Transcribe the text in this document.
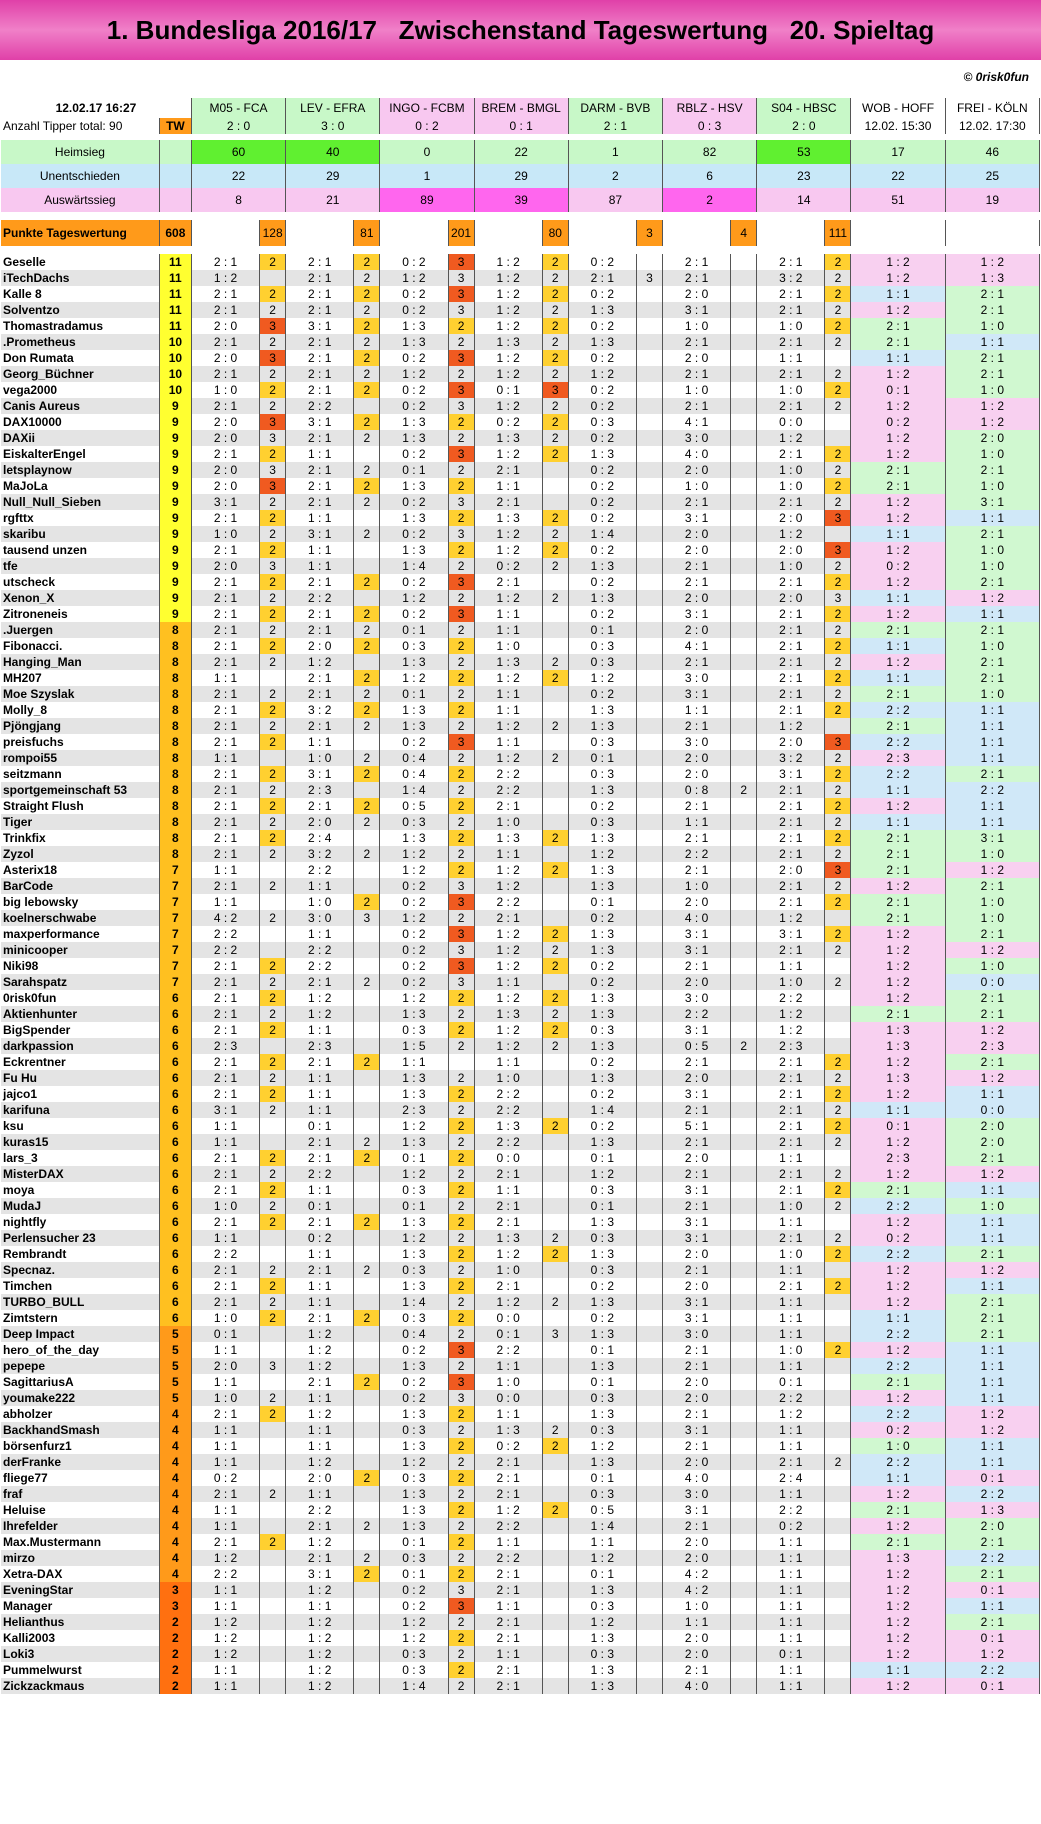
1. Bundesliga 2016/17   Zwischenstand Tageswertung   20. Spieltag
© 0risk0fun
12.02.17 16:27		M05 - FCA		LEV - EFRA		INGO - FCBM		BREM - BMGL		DARM - BVB		RBLZ - HSV		S04 - HBSC		WOB - HOFF	FREI - KÖLN
Anzahl Tipper total: 90	TW	2 : 0		3 : 0		0 : 2		0 : 1		2 : 1		0 : 3		2 : 0		12.02. 15:30	12.02. 17:30

Heimsieg		60		40		0		22		1		82		53		17	46
Unentschieden		22		29		1		29		2		6		23		22	25
Auswärtssieg		8		21		89		39		87		2		14		51	19

Punkte Tageswertung	608		128		81		201		80		3		4		111		

Geselle	11	2 : 1	2	2 : 1	2	0 : 2	3	1 : 2	2	0 : 2		2 : 1		2 : 1	2	1 : 2	1 : 2
iTechDachs	11	1 : 2		2 : 1	2	1 : 2	3	1 : 2	2	2 : 1	3	2 : 1		3 : 2	2	1 : 2	1 : 3
Kalle 8	11	2 : 1	2	2 : 1	2	0 : 2	3	1 : 2	2	0 : 2		2 : 0		2 : 1	2	1 : 1	2 : 1
Solventzo	11	2 : 1	2	2 : 1	2	0 : 2	3	1 : 2	2	1 : 3		3 : 1		2 : 1	2	1 : 2	2 : 1
Thomastradamus	11	2 : 0	3	3 : 1	2	1 : 3	2	1 : 2	2	0 : 2		1 : 0		1 : 0	2	2 : 1	1 : 0
.Prometheus	10	2 : 1	2	2 : 1	2	1 : 3	2	1 : 3	2	1 : 3		2 : 1		2 : 1	2	2 : 1	1 : 1
Don Rumata	10	2 : 0	3	2 : 1	2	0 : 2	3	1 : 2	2	0 : 2		2 : 0		1 : 1		1 : 1	2 : 1
Georg_Büchner	10	2 : 1	2	2 : 1	2	1 : 2	2	1 : 2	2	1 : 2		2 : 1		2 : 1	2	1 : 2	2 : 1
vega2000	10	1 : 0	2	2 : 1	2	0 : 2	3	0 : 1	3	0 : 2		1 : 0		1 : 0	2	0 : 1	1 : 0
Canis Aureus	9	2 : 1	2	2 : 2		0 : 2	3	1 : 2	2	0 : 2		2 : 1		2 : 1	2	1 : 2	1 : 2
DAX10000	9	2 : 0	3	3 : 1	2	1 : 3	2	0 : 2	2	0 : 3		4 : 1		0 : 0		0 : 2	1 : 2
DAXii	9	2 : 0	3	2 : 1	2	1 : 3	2	1 : 3	2	0 : 2		3 : 0		1 : 2		1 : 2	2 : 0
EiskalterEngel	9	2 : 1	2	1 : 1		0 : 2	3	1 : 2	2	1 : 3		4 : 0		2 : 1	2	1 : 2	1 : 0
letsplaynow	9	2 : 0	3	2 : 1	2	0 : 1	2	2 : 1		0 : 2		2 : 0		1 : 0	2	2 : 1	2 : 1
MaJoLa	9	2 : 0	3	2 : 1	2	1 : 3	2	1 : 1		0 : 2		1 : 0		1 : 0	2	2 : 1	1 : 0
Null_Null_Sieben	9	3 : 1	2	2 : 1	2	0 : 2	3	2 : 1		0 : 2		2 : 1		2 : 1	2	1 : 2	3 : 1
rgfttx	9	2 : 1	2	1 : 1		1 : 3	2	1 : 3	2	0 : 2		3 : 1		2 : 0	3	1 : 2	1 : 1
skaribu	9	1 : 0	2	3 : 1	2	0 : 2	3	1 : 2	2	1 : 4		2 : 0		1 : 2		1 : 1	2 : 1
tausend unzen	9	2 : 1	2	1 : 1		1 : 3	2	1 : 2	2	0 : 2		2 : 0		2 : 0	3	1 : 2	1 : 0
tfe	9	2 : 0	3	1 : 1		1 : 4	2	0 : 2	2	1 : 3		2 : 1		1 : 0	2	0 : 2	1 : 0
utscheck	9	2 : 1	2	2 : 1	2	0 : 2	3	2 : 1		0 : 2		2 : 1		2 : 1	2	1 : 2	2 : 1
Xenon_X	9	2 : 1	2	2 : 2		1 : 2	2	1 : 2	2	1 : 3		2 : 0		2 : 0	3	1 : 1	1 : 2
Zitroneneis	9	2 : 1	2	2 : 1	2	0 : 2	3	1 : 1		0 : 2		3 : 1		2 : 1	2	1 : 2	1 : 1
.Juergen	8	2 : 1	2	2 : 1	2	0 : 1	2	1 : 1		0 : 1		2 : 0		2 : 1	2	2 : 1	2 : 1
Fibonacci.	8	2 : 1	2	2 : 0	2	0 : 3	2	1 : 0		0 : 3		4 : 1		2 : 1	2	1 : 1	1 : 0
Hanging_Man	8	2 : 1	2	1 : 2		1 : 3	2	1 : 3	2	0 : 3		2 : 1		2 : 1	2	1 : 2	2 : 1
MH207	8	1 : 1		2 : 1	2	1 : 2	2	1 : 2	2	1 : 2		3 : 0		2 : 1	2	1 : 1	2 : 1
Moe Szyslak	8	2 : 1	2	2 : 1	2	0 : 1	2	1 : 1		0 : 2		3 : 1		2 : 1	2	2 : 1	1 : 0
Molly_8	8	2 : 1	2	3 : 2	2	1 : 3	2	1 : 1		1 : 3		1 : 1		2 : 1	2	2 : 2	1 : 1
Pjöngjang	8	2 : 1	2	2 : 1	2	1 : 3	2	1 : 2	2	1 : 3		2 : 1		1 : 2		2 : 1	1 : 1
preisfuchs	8	2 : 1	2	1 : 1		0 : 2	3	1 : 1		0 : 3		3 : 0		2 : 0	3	2 : 2	1 : 1
rompoi55	8	1 : 1		1 : 0	2	0 : 4	2	1 : 2	2	0 : 1		2 : 0		3 : 2	2	2 : 3	1 : 1
seitzmann	8	2 : 1	2	3 : 1	2	0 : 4	2	2 : 2		0 : 3		2 : 0		3 : 1	2	2 : 2	2 : 1
sportgemeinschaft 53	8	2 : 1	2	2 : 3		1 : 4	2	2 : 2		1 : 3		0 : 8	2	2 : 1	2	1 : 1	2 : 2
Straight Flush	8	2 : 1	2	2 : 1	2	0 : 5	2	2 : 1		0 : 2		2 : 1		2 : 1	2	1 : 2	1 : 1
Tiger	8	2 : 1	2	2 : 0	2	0 : 3	2	1 : 0		0 : 3		1 : 1		2 : 1	2	1 : 1	1 : 1
Trinkfix	8	2 : 1	2	2 : 4		1 : 3	2	1 : 3	2	1 : 3		2 : 1		2 : 1	2	2 : 1	3 : 1
Zyzol	8	2 : 1	2	3 : 2	2	1 : 2	2	1 : 1		1 : 2		2 : 2		2 : 1	2	2 : 1	1 : 0
Asterix18	7	1 : 1		2 : 2		1 : 2	2	1 : 2	2	1 : 3		2 : 1		2 : 0	3	2 : 1	1 : 2
BarCode	7	2 : 1	2	1 : 1		0 : 2	3	1 : 2		1 : 3		1 : 0		2 : 1	2	1 : 2	2 : 1
big lebowsky	7	1 : 1		1 : 0	2	0 : 2	3	2 : 2		0 : 1		2 : 0		2 : 1	2	2 : 1	1 : 0
koelnerschwabe	7	4 : 2	2	3 : 0	3	1 : 2	2	2 : 1		0 : 2		4 : 0		1 : 2		2 : 1	1 : 0
maxperformance	7	2 : 2		1 : 1		0 : 2	3	1 : 2	2	1 : 3		3 : 1		3 : 1	2	1 : 2	2 : 1
minicooper	7	2 : 2		2 : 2		0 : 2	3	1 : 2	2	1 : 3		3 : 1		2 : 1	2	1 : 2	1 : 2
Niki98	7	2 : 1	2	2 : 2		0 : 2	3	1 : 2	2	0 : 2		2 : 1		1 : 1		1 : 2	1 : 0
Sarahspatz	7	2 : 1	2	2 : 1	2	0 : 2	3	1 : 1		0 : 2		2 : 0		1 : 0	2	1 : 2	0 : 0
0risk0fun	6	2 : 1	2	1 : 2		1 : 2	2	1 : 2	2	1 : 3		3 : 0		2 : 2		1 : 2	2 : 1
Aktienhunter	6	2 : 1	2	1 : 2		1 : 3	2	1 : 3	2	1 : 3		2 : 2		1 : 2		2 : 1	2 : 1
BigSpender	6	2 : 1	2	1 : 1		0 : 3	2	1 : 2	2	0 : 3		3 : 1		1 : 2		1 : 3	1 : 2
darkpassion	6	2 : 3		2 : 3		1 : 5	2	1 : 2	2	1 : 3		0 : 5	2	2 : 3		1 : 3	2 : 3
Eckrentner	6	2 : 1	2	2 : 1	2	1 : 1		1 : 1		0 : 2		2 : 1		2 : 1	2	1 : 2	2 : 1
Fu Hu	6	2 : 1	2	1 : 1		1 : 3	2	1 : 0		1 : 3		2 : 0		2 : 1	2	1 : 3	1 : 2
jajco1	6	2 : 1	2	1 : 1		1 : 3	2	2 : 2		0 : 2		3 : 1		2 : 1	2	1 : 2	1 : 1
karifuna	6	3 : 1	2	1 : 1		2 : 3	2	2 : 2		1 : 4		2 : 1		2 : 1	2	1 : 1	0 : 0
ksu	6	1 : 1		0 : 1		1 : 2	2	1 : 3	2	0 : 2		5 : 1		2 : 1	2	0 : 1	2 : 0
kuras15	6	1 : 1		2 : 1	2	1 : 3	2	2 : 2		1 : 3		2 : 1		2 : 1	2	1 : 2	2 : 0
lars_3	6	2 : 1	2	2 : 1	2	0 : 1	2	0 : 0		0 : 1		2 : 0		1 : 1		2 : 3	2 : 1
MisterDAX	6	2 : 1	2	2 : 2		1 : 2	2	2 : 1		1 : 2		2 : 1		2 : 1	2	1 : 2	1 : 2
moya	6	2 : 1	2	1 : 1		0 : 3	2	1 : 1		0 : 3		3 : 1		2 : 1	2	2 : 1	1 : 1
MudaJ	6	1 : 0	2	0 : 1		0 : 1	2	2 : 1		0 : 1		2 : 1		1 : 0	2	2 : 2	1 : 0
nightfly	6	2 : 1	2	2 : 1	2	1 : 3	2	2 : 1		1 : 3		3 : 1		1 : 1		1 : 2	1 : 1
Perlensucher 23	6	1 : 1		0 : 2		1 : 2	2	1 : 3	2	0 : 3		3 : 1		2 : 1	2	0 : 2	1 : 1
Rembrandt	6	2 : 2		1 : 1		1 : 3	2	1 : 2	2	1 : 3		2 : 0		1 : 0	2	2 : 2	2 : 1
Specnaz.	6	2 : 1	2	2 : 1	2	0 : 3	2	1 : 0		0 : 3		2 : 1		1 : 1		1 : 2	1 : 2
Timchen	6	2 : 1	2	1 : 1		1 : 3	2	2 : 1		0 : 2		2 : 0		2 : 1	2	1 : 2	1 : 1
TURBO_BULL	6	2 : 1	2	1 : 1		1 : 4	2	1 : 2	2	1 : 3		3 : 1		1 : 1		1 : 2	2 : 1
Zimtstern	6	1 : 0	2	2 : 1	2	0 : 3	2	0 : 0		0 : 2		3 : 1		1 : 1		1 : 1	2 : 1
Deep Impact	5	0 : 1		1 : 2		0 : 4	2	0 : 1	3	1 : 3		3 : 0		1 : 1		2 : 2	2 : 1
hero_of_the_day	5	1 : 1		1 : 2		0 : 2	3	2 : 2		0 : 1		2 : 1		1 : 0	2	1 : 2	1 : 1
pepepe	5	2 : 0	3	1 : 2		1 : 3	2	1 : 1		1 : 3		2 : 1		1 : 1		2 : 2	1 : 1
SagittariusA	5	1 : 1		2 : 1	2	0 : 2	3	1 : 0		0 : 1		2 : 0		0 : 1		2 : 1	1 : 1
youmake222	5	1 : 0	2	1 : 1		0 : 2	3	0 : 0		0 : 3		2 : 0		2 : 2		1 : 2	1 : 1
abholzer	4	2 : 1	2	1 : 2		1 : 3	2	1 : 1		1 : 3		2 : 1		1 : 2		2 : 2	1 : 2
BackhandSmash	4	1 : 1		1 : 1		0 : 3	2	1 : 3	2	0 : 3		3 : 1		1 : 1		0 : 2	1 : 2
börsenfurz1	4	1 : 1		1 : 1		1 : 3	2	0 : 2	2	1 : 2		2 : 1		1 : 1		1 : 0	1 : 1
derFranke	4	1 : 1		1 : 2		1 : 2	2	2 : 1		1 : 3		2 : 0		2 : 1	2	2 : 2	1 : 1
fliege77	4	0 : 2		2 : 0	2	0 : 3	2	2 : 1		0 : 1		4 : 0		2 : 4		1 : 1	0 : 1
fraf	4	2 : 1	2	1 : 1		1 : 3	2	2 : 1		0 : 3		3 : 0		1 : 1		1 : 2	2 : 2
Heluise	4	1 : 1		2 : 2		1 : 3	2	1 : 2	2	0 : 5		3 : 1		2 : 2		2 : 1	1 : 3
Ihrefelder	4	1 : 1		2 : 1	2	1 : 3	2	2 : 2		1 : 4		2 : 1		0 : 2		1 : 2	2 : 0
Max.Mustermann	4	2 : 1	2	1 : 2		0 : 1	2	1 : 1		1 : 1		2 : 0		1 : 1		2 : 1	2 : 1
mirzo	4	1 : 2		2 : 1	2	0 : 3	2	2 : 2		1 : 2		2 : 0		1 : 1		1 : 3	2 : 2
Xetra-DAX	4	2 : 2		3 : 1	2	0 : 1	2	2 : 1		0 : 1		4 : 2		1 : 1		1 : 2	2 : 1
EveningStar	3	1 : 1		1 : 2		0 : 2	3	2 : 1		1 : 3		4 : 2		1 : 1		1 : 2	0 : 1
Manager	3	1 : 1		1 : 1		0 : 2	3	1 : 1		0 : 3		1 : 0		1 : 1		1 : 2	1 : 1
Helianthus	2	1 : 2		1 : 2		1 : 2	2	2 : 1		1 : 2		1 : 1		1 : 1		1 : 2	2 : 1
Kalli2003	2	1 : 2		1 : 2		1 : 2	2	2 : 1		1 : 3		2 : 0		1 : 1		1 : 2	0 : 1
Loki3	2	1 : 2		1 : 2		0 : 3	2	1 : 1		0 : 3		2 : 0		0 : 1		1 : 2	1 : 2
Pummelwurst	2	1 : 1		1 : 2		0 : 3	2	2 : 1		1 : 3		2 : 1		1 : 1		1 : 1	2 : 2
Zickzackmaus	2	1 : 1		1 : 2		1 : 4	2	2 : 1		1 : 3		4 : 0		1 : 1		1 : 2	0 : 1
